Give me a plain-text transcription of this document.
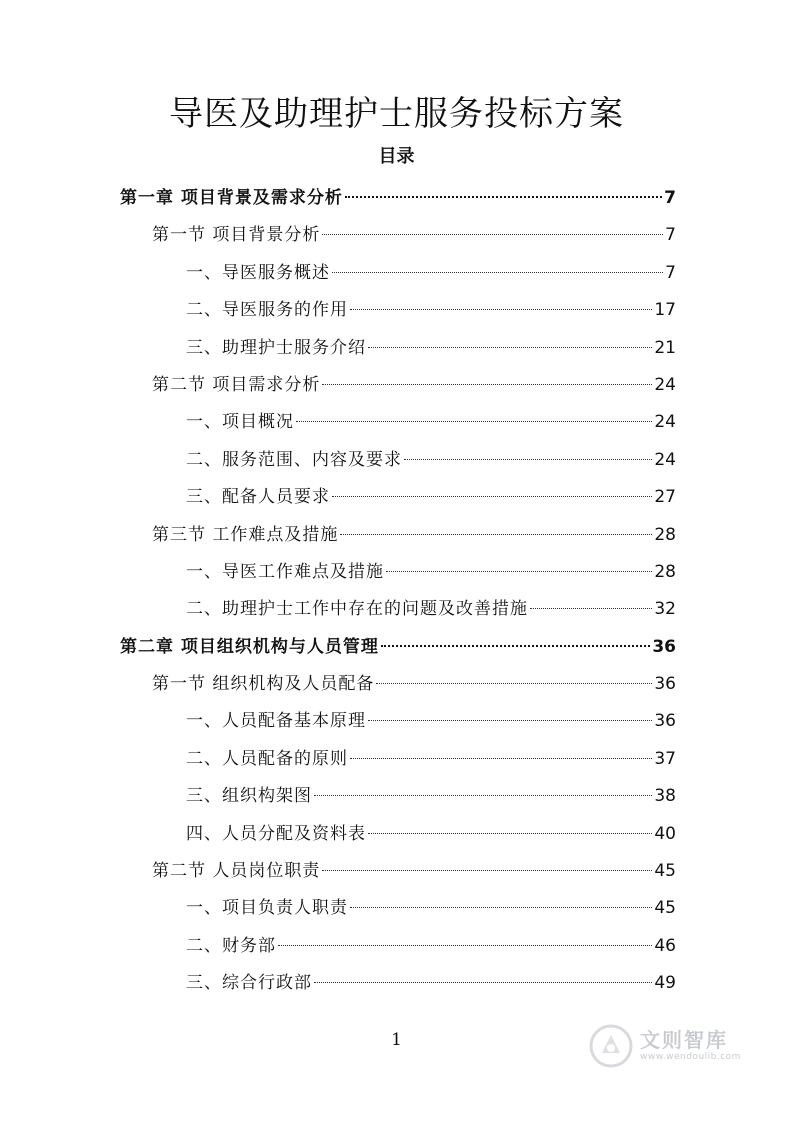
导医及助理护士服务投标方案
目录
第一章 项目背景及需求分析	7
第一节 项目背景分析	7
一、导医服务概述	7
二、导医服务的作用	17
三、助理护士服务介绍	21
第二节 项目需求分析	24
一、项目概况	24
二、服务范围、内容及要求	24
三、配备人员要求	27
第三节 工作难点及措施	28
一、导医工作难点及措施	28
二、助理护士工作中存在的问题及改善措施	32
第二章 项目组织机构与人员管理	36
第一节 组织机构及人员配备	36
一、人员配备基本原理	36
二、人员配备的原则	37
三、组织构架图	38
四、人员分配及资料表	40
第二节 人员岗位职责	45
一、项目负责人职责	45
二、财务部	46
三、综合行政部	49
1	文则智库
www.wendoulib.com
